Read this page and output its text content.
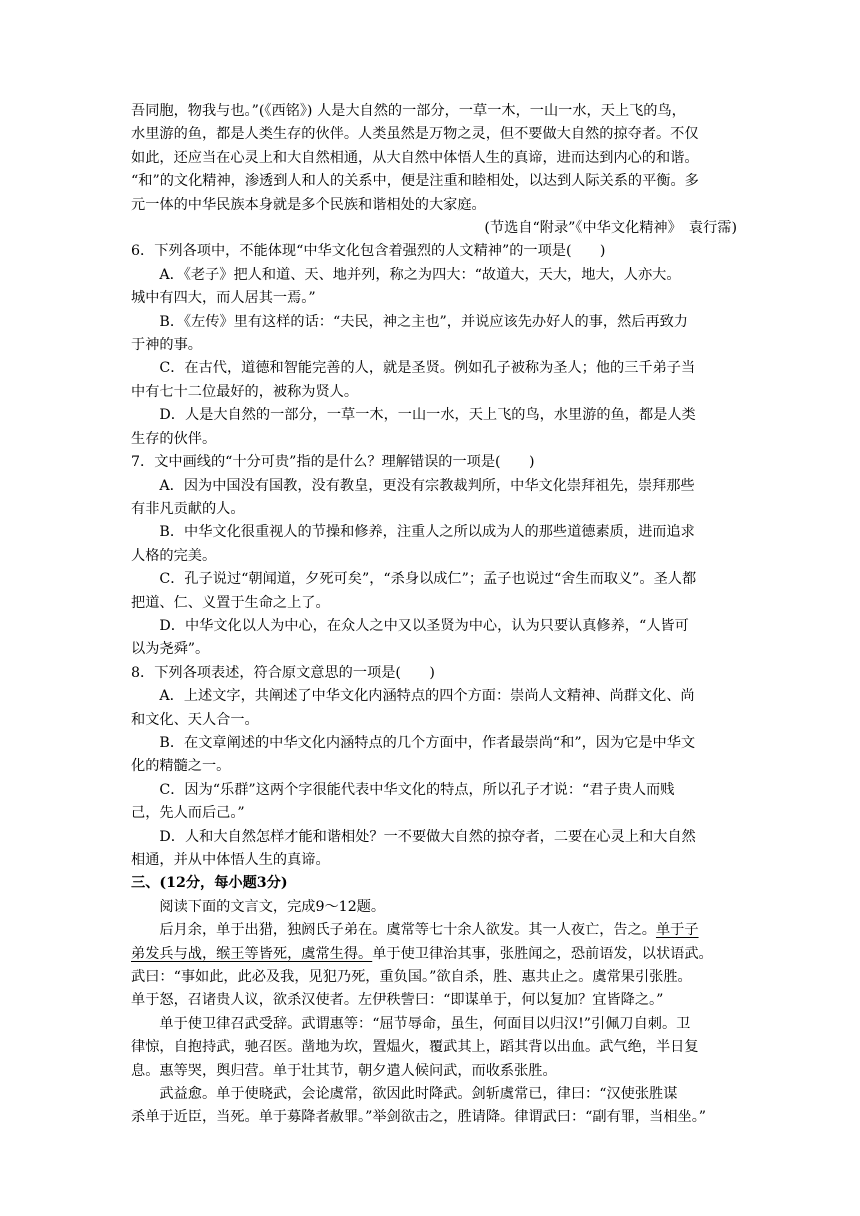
吾同胞，物我与也。”(《西铭》) 人是大自然的一部分，一草一木，一山一水，天上飞的鸟，

水里游的鱼，都是人类生存的伙伴。人类虽然是万物之灵，但不要做大自然的掠夺者。不仅

如此，还应当在心灵上和大自然相通，从大自然中体悟人生的真谛，进而达到内心的和谐。

“和”的文化精神，渗透到人和人的关系中，便是注重和睦相处，以达到人际关系的平衡。多

元一体的中华民族本身就是多个民族和谐相处的大家庭。

(节选自“附录”《中华文化精神》　袁行霈)

6．下列各项中，不能体现“中华文化包含着强烈的人文精神”的一项是(　　)

A．《老子》把人和道、天、地并列，称之为四大：“故道大，天大，地大，人亦大。

城中有四大，而人居其一焉。”

B．《左传》里有这样的话：“夫民，神之主也”，并说应该先办好人的事，然后再致力

于神的事。

C．在古代，道德和智能完善的人，就是圣贤。例如孔子被称为圣人；他的三千弟子当

中有七十二位最好的，被称为贤人。

D．人是大自然的一部分，一草一木，一山一水，天上飞的鸟，水里游的鱼，都是人类

生存的伙伴。

7．文中画线的“十分可贵”指的是什么？理解错误的一项是(　　)

A．因为中国没有国教，没有教皇，更没有宗教裁判所，中华文化崇拜祖先，崇拜那些

有非凡贡献的人。

B．中华文化很重视人的节操和修养，注重人之所以成为人的那些道德素质，进而追求

人格的完美。

C．孔子说过“朝闻道，夕死可矣”，“杀身以成仁”；孟子也说过“舍生而取义”。圣人都

把道、仁、义置于生命之上了。

D．中华文化以人为中心，在众人之中又以圣贤为中心，认为只要认真修养，“人皆可

以为尧舜”。

8．下列各项表述，符合原文意思的一项是(　　)

A．上述文字，共阐述了中华文化内涵特点的四个方面：崇尚人文精神、尚群文化、尚

和文化、天人合一。

B．在文章阐述的中华文化内涵特点的几个方面中，作者最崇尚“和”，因为它是中华文

化的精髓之一。

C．因为“乐群”这两个字很能代表中华文化的特点，所以孔子才说：“君子贵人而贱

己，先人而后己。”

D．人和大自然怎样才能和谐相处？一不要做大自然的掠夺者，二要在心灵上和大自然

相通，并从中体悟人生的真谛。

三、(12分，每小题3分)

阅读下面的文言文，完成9～12题。

后月余，单于出猎，独阏氏子弟在。虞常等七十余人欲发。其一人夜亡，告之。单于子

弟发兵与战，缑王等皆死，虞常生得。单于使卫律治其事，张胜闻之，恐前语发，以状语武。

武曰：“事如此，此必及我，见犯乃死，重负国。”欲自杀，胜、惠共止之。虞常果引张胜。

单于怒，召诸贵人议，欲杀汉使者。左伊秩訾曰：“即谋单于，何以复加？宜皆降之。”

单于使卫律召武受辞。武谓惠等：“屈节辱命，虽生，何面目以归汉!”引佩刀自刺。卫

律惊，自抱持武，驰召医。凿地为坎，置煴火，覆武其上，蹈其背以出血。武气绝，半日复

息。惠等哭，舆归营。单于壮其节，朝夕遣人候问武，而收系张胜。

武益愈。单于使晓武，会论虞常，欲因此时降武。剑斩虞常已，律曰：“汉使张胜谋

杀单于近臣，当死。单于募降者赦罪。”举剑欲击之，胜请降。律谓武曰：“副有罪，当相坐。”
